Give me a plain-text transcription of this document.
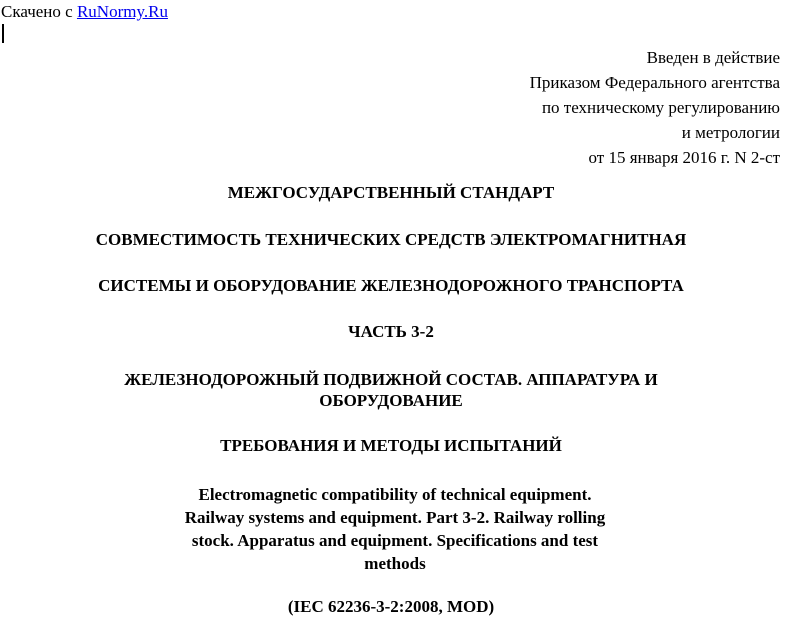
Скачено с RuNormy.Ru
Введен в действие
Приказом Федерального агентства
по техническому регулированию
и метрологии
от 15 января 2016 г. N 2-ст
МЕЖГОСУДАРСТВЕННЫЙ СТАНДАРТ
СОВМЕСТИМОСТЬ ТЕХНИЧЕСКИХ СРЕДСТВ ЭЛЕКТРОМАГНИТНАЯ
СИСТЕМЫ И ОБОРУДОВАНИЕ ЖЕЛЕЗНОДОРОЖНОГО ТРАНСПОРТА
ЧАСТЬ 3-2
ЖЕЛЕЗНОДОРОЖНЫЙ ПОДВИЖНОЙ СОСТАВ. АППАРАТУРА И
ОБОРУДОВАНИЕ
ТРЕБОВАНИЯ И МЕТОДЫ ИСПЫТАНИЙ
Electromagnetic compatibility of technical equipment.
Railway systems and equipment. Part 3-2. Railway rolling
stock. Apparatus and equipment. Specifications and test
methods
(IEC 62236-3-2:2008, MOD)
